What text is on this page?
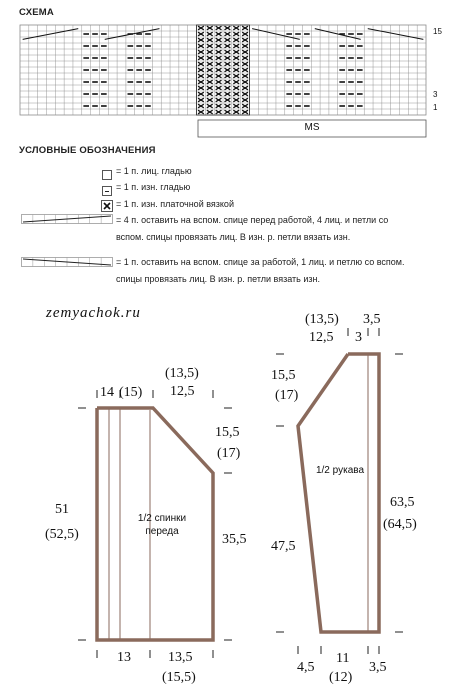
СХЕМА
15
3
1
MS
УСЛОВНЫЕ ОБОЗНАЧЕНИЯ
= 1 п. лиц. гладью
= 1 п. изн. гладью
= 1 п. изн. платочной вязкой
= 4 п. оставить на вспом. спице перед работой, 4 лиц. и петли со
вспом. спицы провязать лиц. В изн. р. петли вязать изн.
= 1 п. оставить на вспом. спице за работой, 1 лиц. и петлю со вспом.
спицы провязать лиц. В изн. р. петли вязать изн.
zemyachok.ru
1/2 спинки
переда
14 (15)
(13,5)
12,5
51
(52,5)
15,5
(17)
35,5
13	13,5
(15,5)
1/2 рукава
(13,5)
12,5
3,5
3
15,5
(17)
47,5
63,5
(64,5)
4,5
11
(12)
3,5
